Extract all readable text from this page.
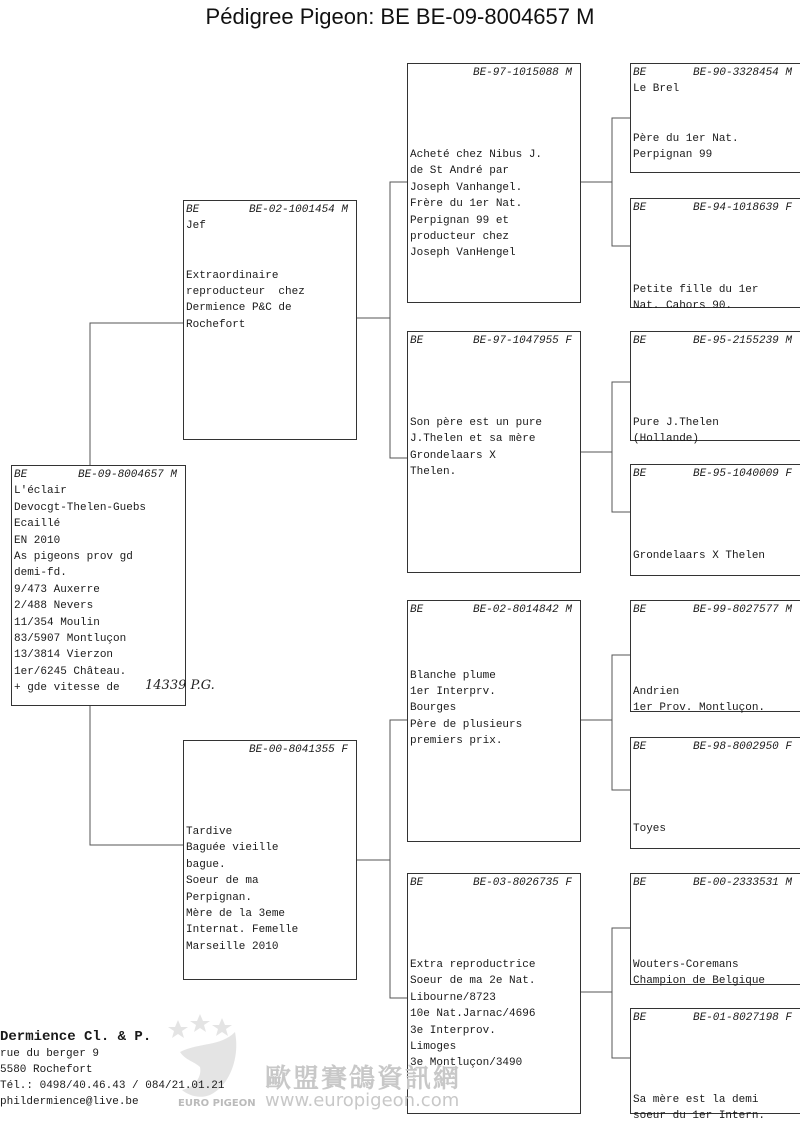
Pédigree Pigeon: BE BE-09-8004657 M
BE	BE-09-8004657 M
L'éclair
Devocgt-Thelen-Guebs
Ecaillé
EN 2010
As pigeons prov gd
demi-fd.
9/473 Auxerre
2/488 Nevers
11/354 Moulin
83/5907 Montluçon
13/3814 Vierzon
1er/6245 Château.
+ gde vitesse de	14339 P.G.
BE	BE-02-1001454 M
Jef

Extraordinaire
reproducteur  chez
Dermience P&C de
Rochefort
BE-00-8041355 F

Tardive
Baguée vieille
bague.
Soeur de ma
Perpignan.
Mère de la 3eme
Internat. Femelle
Marseille 2010
BE-97-1015088 M

Acheté chez Nibus J.
de St André par
Joseph Vanhangel.
Frère du 1er Nat.
Perpignan 99 et
producteur chez
Joseph VanHengel
BE	BE-97-1047955 F

Son père est un pure
J.Thelen et sa mère
Grondelaars X
Thelen.
BE	BE-02-8014842 M

Blanche plume
1er Interprv.
Bourges
Père de plusieurs
premiers prix.
BE	BE-03-8026735 F

Extra reproductrice
Soeur de ma 2e Nat.
Libourne/8723
10e Nat.Jarnac/4696
3e Interprov.
Limoges
3e Montluçon/3490
BE	BE-90-3328454 M
Le Brel

Père du 1er Nat.
Perpignan 99
BE	BE-94-1018639 F

Petite fille du 1er
Nat. Cahors 90.
BE	BE-95-2155239 M

Pure J.Thelen
(Hollande)
BE	BE-95-1040009 F

Grondelaars X Thelen
BE	BE-99-8027577 M

Andrien
1er Prov. Montluçon.
BE	BE-98-8002950 F

Toyes
BE	BE-00-2333531 M

Wouters-Coremans
Champion de Belgique
BE	BE-01-8027198 F

Sa mère est la demi
soeur du 1er Intern.
歐盟賽鴿資訊網
www.europigeon.com
EURO PIGEON
Dermience Cl. & P.
rue du berger 9
5580 Rochefort
Tél.: 0498/40.46.43 / 084/21.01.21
phildermience@live.be
